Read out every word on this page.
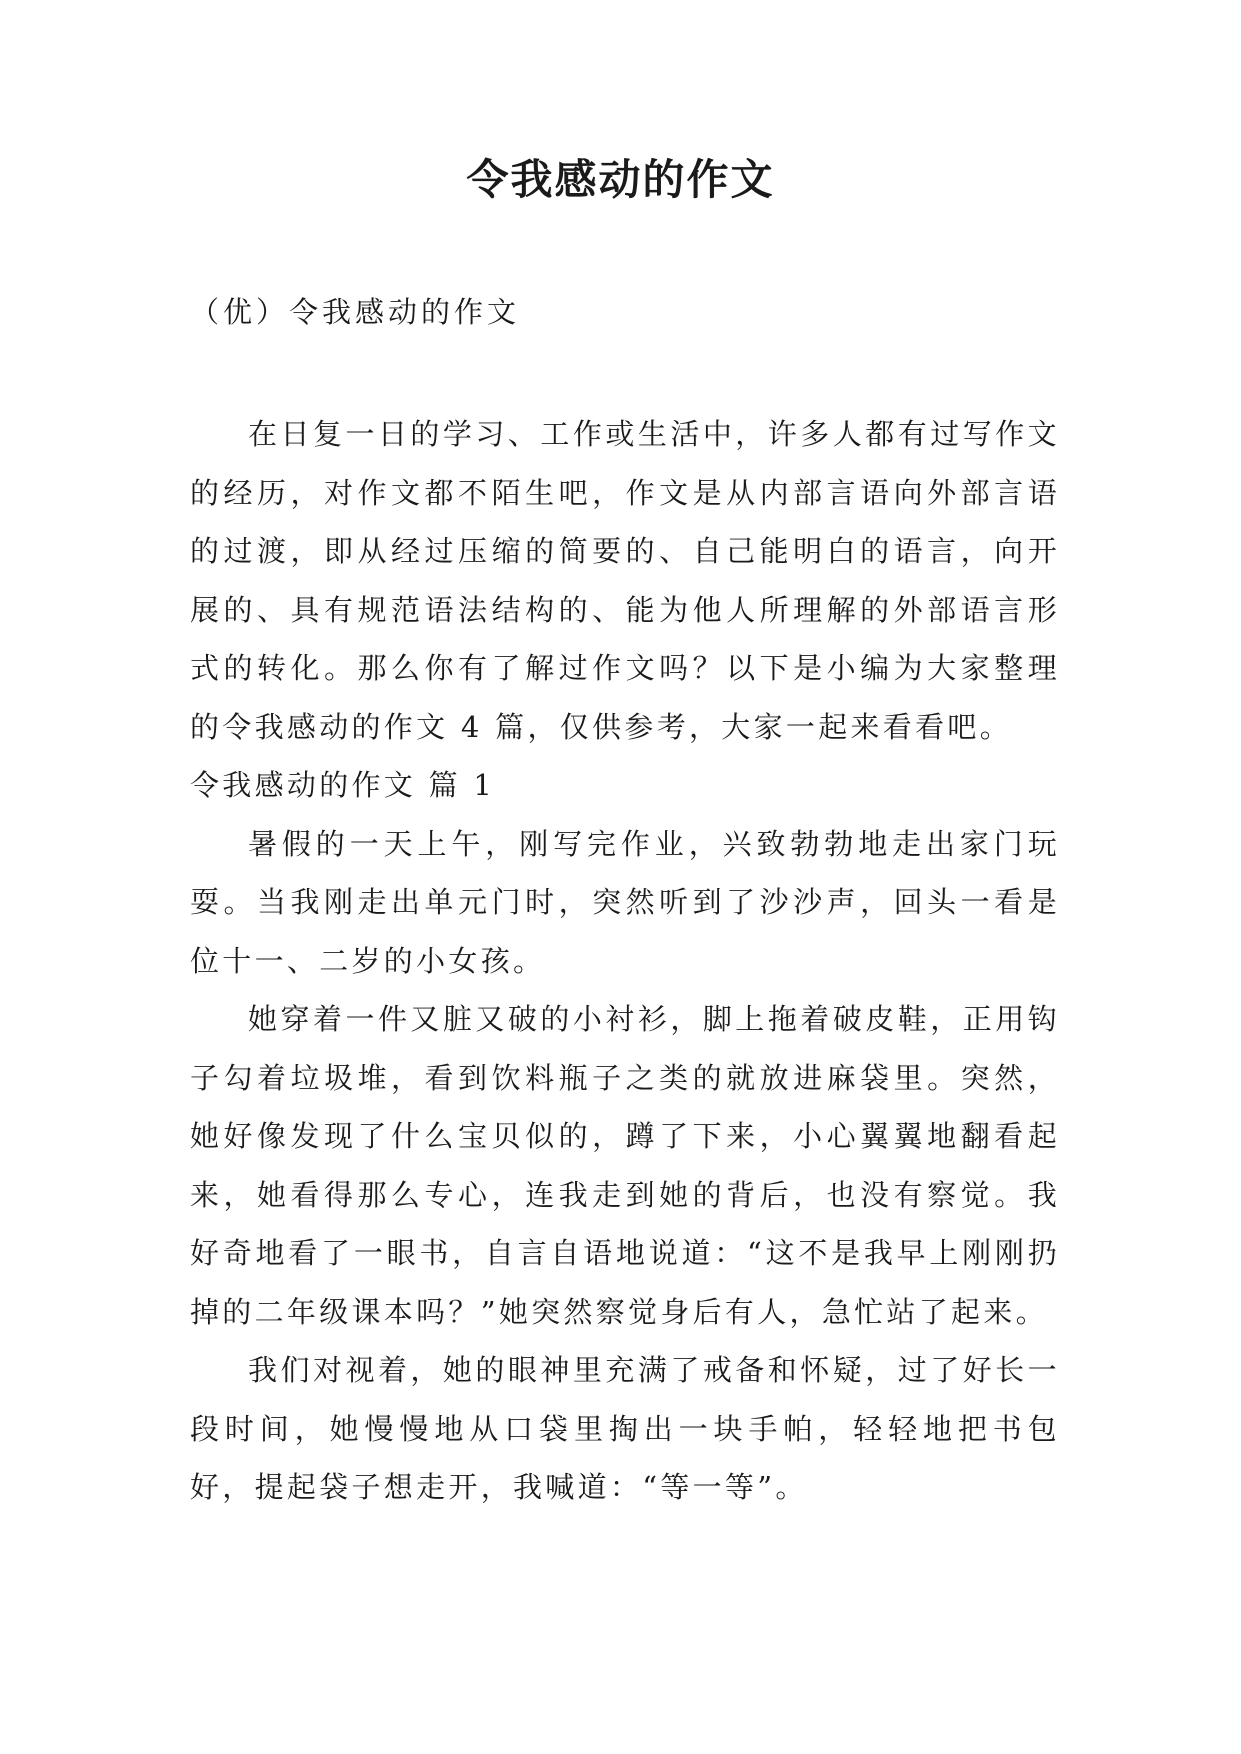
令我感动的作文

（优）令我感动的作文

在日复一日的学习、工作或生活中，许多人都有过写作文的经历，对作文都不陌生吧，作文是从内部言语向外部言语的过渡，即从经过压缩的简要的、自己能明白的语言，向开展的、具有规范语法结构的、能为他人所理解的外部语言形式的转化。那么你有了解过作文吗？以下是小编为大家整理的令我感动的作文 4 篇，仅供参考，大家一起来看看吧。

令我感动的作文 篇 1

暑假的一天上午，刚写完作业，兴致勃勃地走出家门玩耍。当我刚走出单元门时，突然听到了沙沙声，回头一看是位十一、二岁的小女孩。

她穿着一件又脏又破的小衬衫，脚上拖着破皮鞋，正用钩子勾着垃圾堆，看到饮料瓶子之类的就放进麻袋里。突然，她好像发现了什么宝贝似的，蹲了下来，小心翼翼地翻看起来，她看得那么专心，连我走到她的背后，也没有察觉。我好奇地看了一眼书，自言自语地说道：“这不是我早上刚刚扔掉的二年级课本吗？”她突然察觉身后有人，急忙站了起来。

我们对视着，她的眼神里充满了戒备和怀疑，过了好长一段时间，她慢慢地从口袋里掏出一块手帕，轻轻地把书包好，提起袋子想走开，我喊道：“等一等”。
